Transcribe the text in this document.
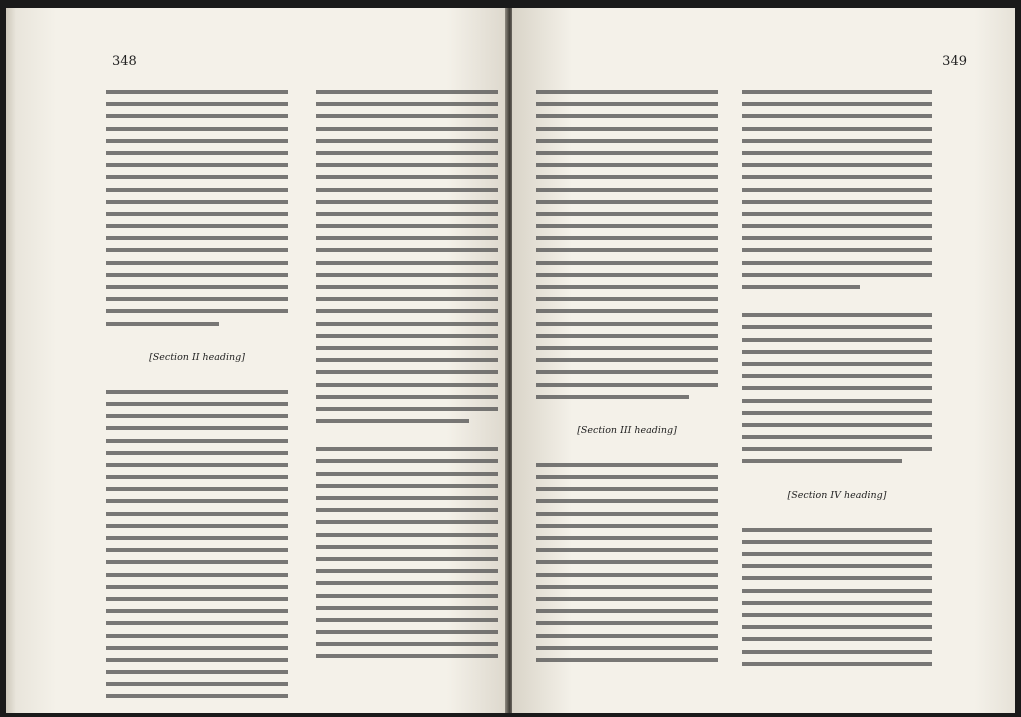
348
[Section II heading]
349
[Section III heading]
[Section IV heading]
